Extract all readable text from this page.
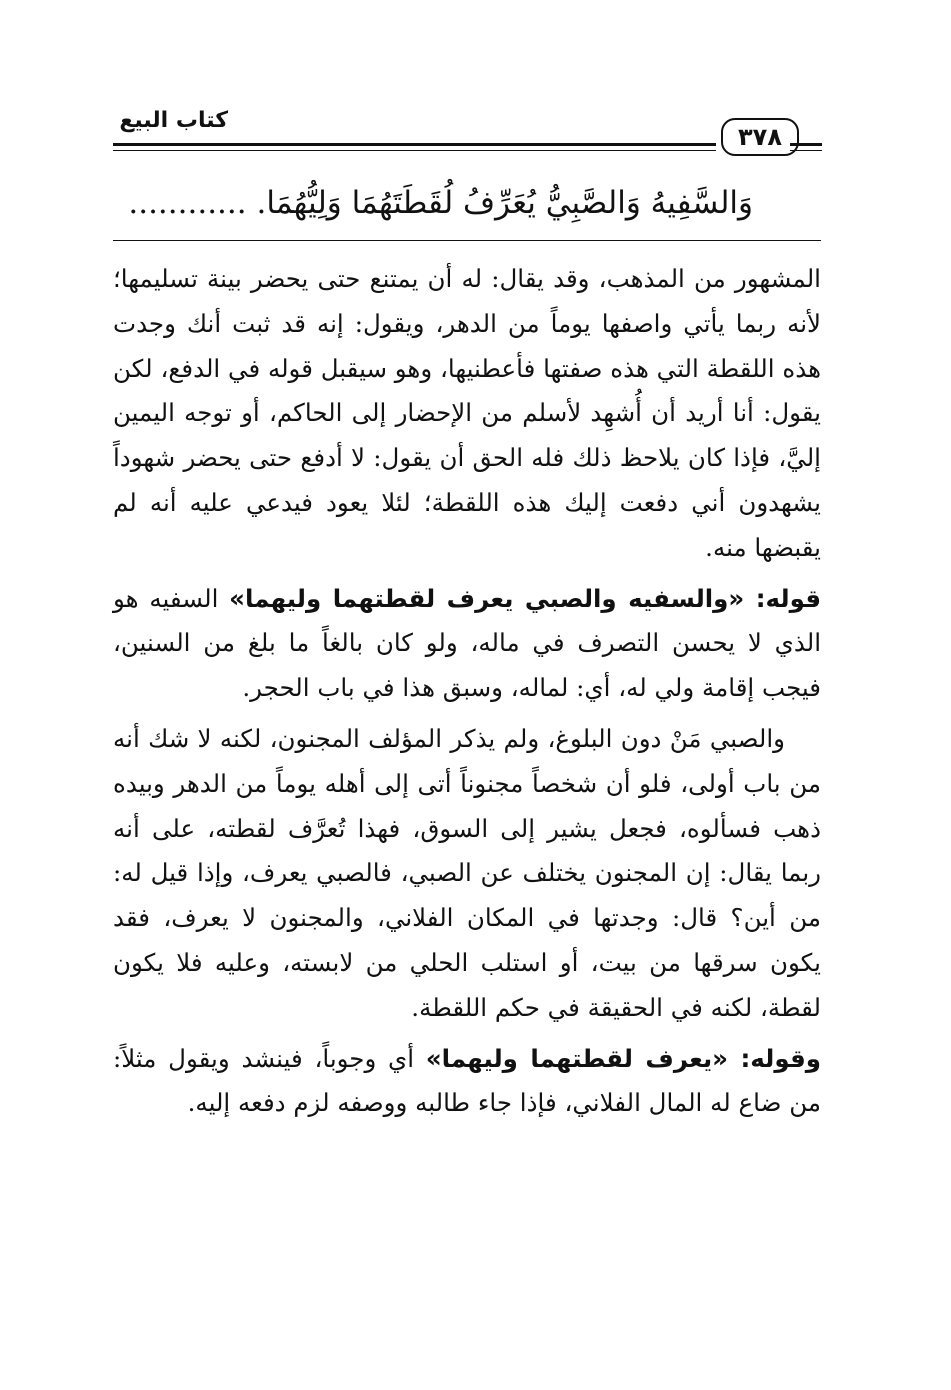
كتاب البيع
٣٧٨
وَالسَّفِيهُ وَالصَّبِيُّ يُعَرِّفُ لُقَطَتَهُمَا وَلِيُّهُمَا. ............

المشهور من المذهب، وقد يقال: له أن يمتنع حتى يحضر بينة تسليمها؛ لأنه ربما يأتي واصفها يوماً من الدهر، ويقول: إنه قد ثبت أنك وجدت هذه اللقطة التي هذه صفتها فأعطنيها، وهو سيقبل قوله في الدفع، لكن يقول: أنا أريد أن أُشهِد لأسلم من الإحضار إلى الحاكم، أو توجه اليمين إليَّ، فإذا كان يلاحظ ذلك فله الحق أن يقول: لا أدفع حتى يحضر شهوداً يشهدون أني دفعت إليك هذه اللقطة؛ لئلا يعود فيدعي عليه أنه لم يقبضها منه.

قوله: «والسفيه والصبي يعرف لقطتهما وليهما» السفيه هو الذي لا يحسن التصرف في ماله، ولو كان بالغاً ما بلغ من السنين، فيجب إقامة ولي له، أي: لماله، وسبق هذا في باب الحجر.

والصبي مَنْ دون البلوغ، ولم يذكر المؤلف المجنون، لكنه لا شك أنه من باب أولى، فلو أن شخصاً مجنوناً أتى إلى أهله يوماً من الدهر وبيده ذهب فسألوه، فجعل يشير إلى السوق، فهذا تُعرَّف لقطته، على أنه ربما يقال: إن المجنون يختلف عن الصبي، فالصبي يعرف، وإذا قيل له: من أين؟ قال: وجدتها في المكان الفلاني، والمجنون لا يعرف، فقد يكون سرقها من بيت، أو استلب الحلي من لابسته، وعليه فلا يكون لقطة، لكنه في الحقيقة في حكم اللقطة.

وقوله: «يعرف لقطتهما وليهما» أي وجوباً، فينشد ويقول مثلاً: من ضاع له المال الفلاني، فإذا جاء طالبه ووصفه لزم دفعه إليه.
